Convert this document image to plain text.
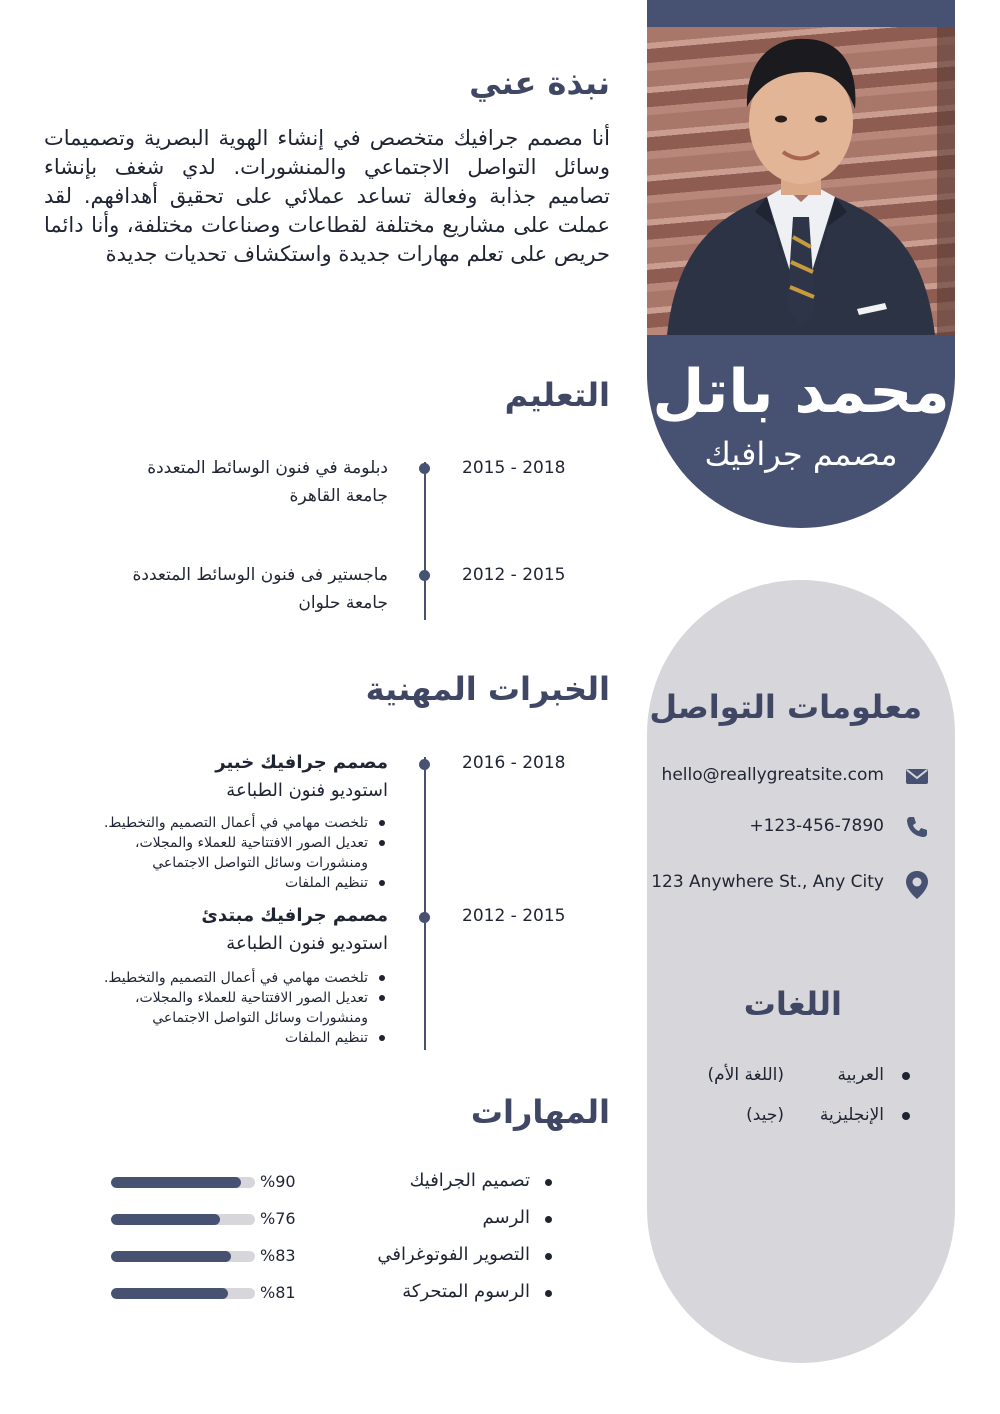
محمد باتل
مصمم جرافيك
معلومات التواصل
hello@reallygreatsite.com
+123-456-7890
123 Anywhere St., Any City
اللغات
العربية
(اللغة الأم)
الإنجليزية
(جيد)
نبذة عني
أنا مصمم جرافيك متخصص في إنشاء الهوية البصرية وتصميمات وسائل التواصل الاجتماعي والمنشورات. لدي شغف بإنشاء تصاميم جذابة وفعالة تساعد عملائي على تحقيق أهدافهم. لقد عملت على مشاريع مختلفة لقطاعات وصناعات مختلفة، وأنا دائما حريص على تعلم مهارات جديدة واستكشاف تحديات جديدة
التعليم
2015 - 2018
دبلومة في فنون الوسائط المتعددة
جامعة القاهرة
2012 - 2015
ماجستير فى فنون الوسائط المتعددة
جامعة حلوان
الخبرات المهنية
2016 - 2018
مصمم جرافيك خبير
استوديو فنون الطباعة
تلخصت مهامي في أعمال التصميم والتخطيط.
تعديل الصور الافتتاحية للعملاء والمجلات،
ومنشورات وسائل التواصل الاجتماعي
تنظيم الملفات
2012 - 2015
مصمم جرافيك مبتدئ
استوديو فنون الطباعة
تلخصت مهامي في أعمال التصميم والتخطيط.
تعديل الصور الافتتاحية للعملاء والمجلات،
ومنشورات وسائل التواصل الاجتماعي
تنظيم الملفات
المهارات
تصميم الجرافيك
%90
الرسم
%76
التصوير الفوتوغرافي
%83
الرسوم المتحركة
%81
